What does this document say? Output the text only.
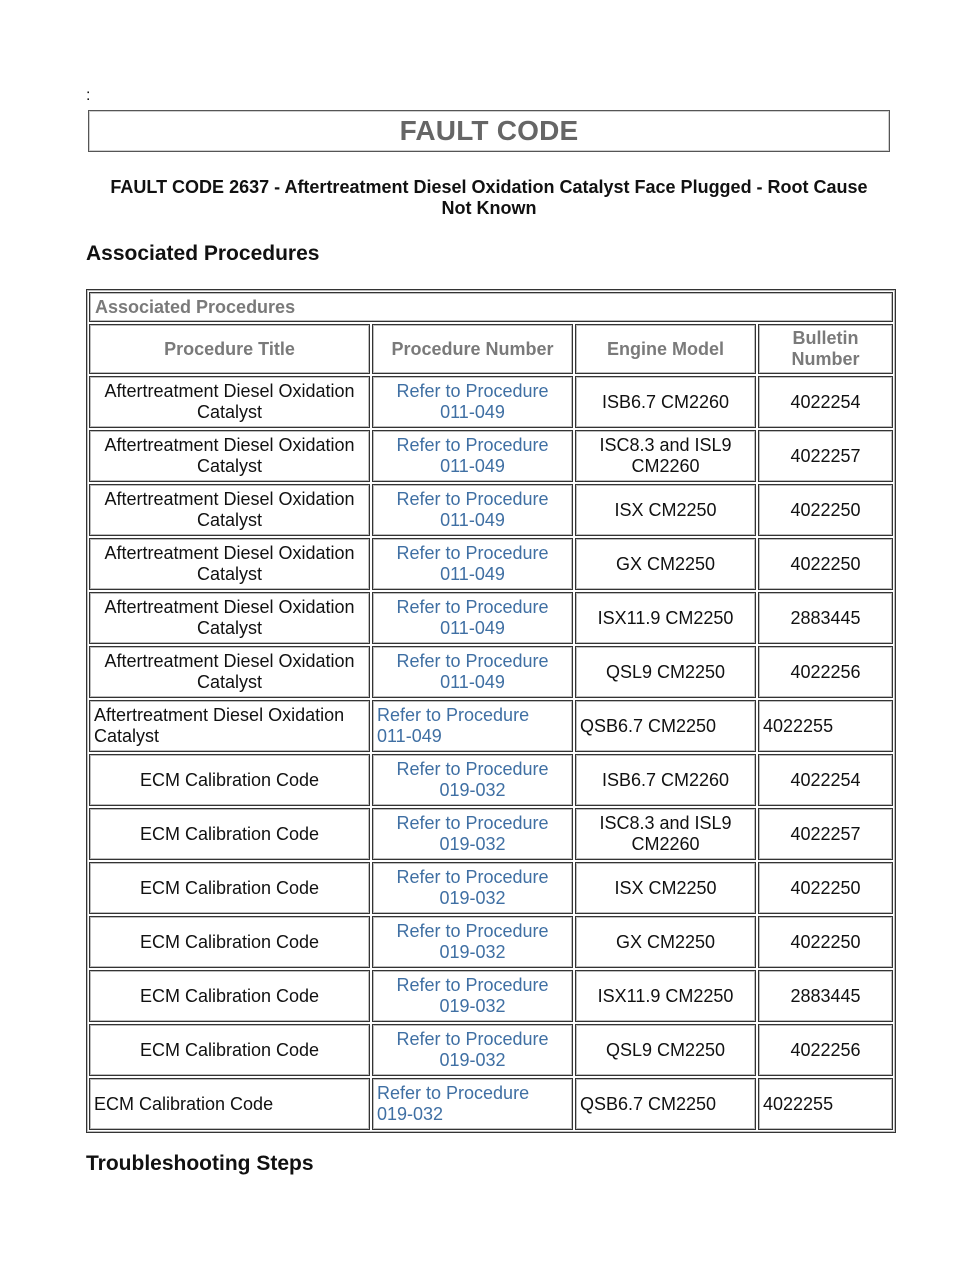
:
FAULT CODE
FAULT CODE 2637 - Aftertreatment Diesel Oxidation Catalyst Face Plugged - Root Cause Not Known
Associated Procedures
Associated Procedures			
Procedure Title	Procedure Number	Engine Model	Bulletin Number
Aftertreatment Diesel Oxidation Catalyst	Refer to Procedure 011-049	ISB6.7 CM2260	4022254
Aftertreatment Diesel Oxidation Catalyst	Refer to Procedure 011-049	ISC8.3 and ISL9 CM2260	4022257
Aftertreatment Diesel Oxidation Catalyst	Refer to Procedure 011-049	ISX CM2250	4022250
Aftertreatment Diesel Oxidation Catalyst	Refer to Procedure 011-049	GX CM2250	4022250
Aftertreatment Diesel Oxidation Catalyst	Refer to Procedure 011-049	ISX11.9 CM2250	2883445
Aftertreatment Diesel Oxidation Catalyst	Refer to Procedure 011-049	QSL9 CM2250	4022256
Aftertreatment Diesel Oxidation Catalyst	Refer to Procedure 011-049	QSB6.7 CM2250	4022255
ECM Calibration Code	Refer to Procedure 019-032	ISB6.7 CM2260	4022254
ECM Calibration Code	Refer to Procedure 019-032	ISC8.3 and ISL9 CM2260	4022257
ECM Calibration Code	Refer to Procedure 019-032	ISX CM2250	4022250
ECM Calibration Code	Refer to Procedure 019-032	GX CM2250	4022250
ECM Calibration Code	Refer to Procedure 019-032	ISX11.9 CM2250	2883445
ECM Calibration Code	Refer to Procedure 019-032	QSL9 CM2250	4022256
ECM Calibration Code	Refer to Procedure 019-032	QSB6.7 CM2250	4022255
Troubleshooting Steps
